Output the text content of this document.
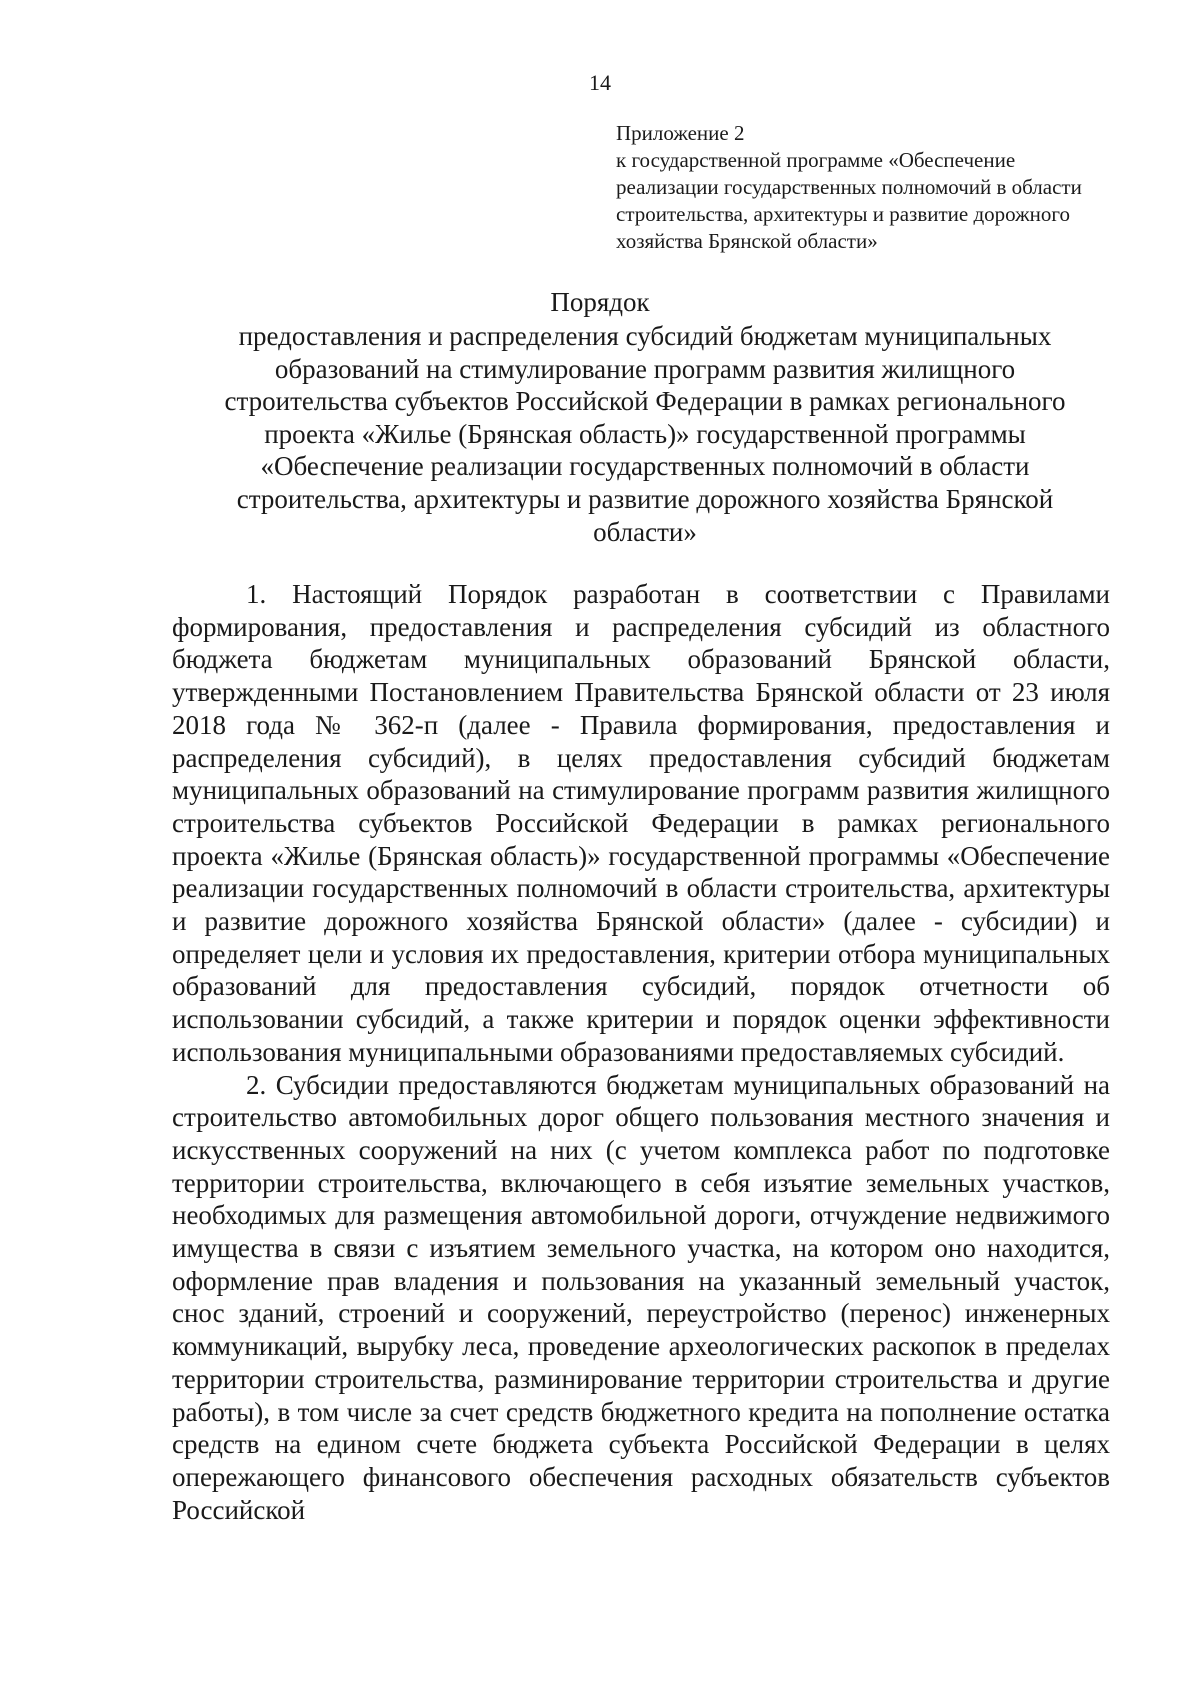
14
Приложение 2
к государственной программе «Обеспечение реализации государственных полномочий в области строительства, архитектуры и развитие дорожного хозяйства Брянской области»
Порядок
предоставления и распределения субсидий бюджетам муниципальных образований на стимулирование программ развития жилищного строительства субъектов Российской Федерации в рамках регионального проекта «Жилье (Брянская область)» государственной программы «Обеспечение реализации государственных полномочий в области строительства, архитектуры и развитие дорожного хозяйства Брянской области»

1. Настоящий Порядок разработан в соответствии с Правилами формирования, предоставления и распределения субсидий из областного бюджета бюджетам муниципальных образований Брянской области, утвержденными Постановлением Правительства Брянской области от 23 июля 2018 года № 362-п (далее - Правила формирования, предоставления и распределения субсидий), в целях предоставления субсидий бюджетам муниципальных образований на стимулирование программ развития жилищного строительства субъектов Российской Федерации в рамках регионального проекта «Жилье (Брянская область)» государственной программы «Обеспечение реализации государственных полномочий в области строительства, архитектуры и развитие дорожного хозяйства Брянской области» (далее - субсидии) и определяет цели и условия их предоставления, критерии отбора муниципальных образований для предоставления субсидий, порядок отчетности об использовании субсидий, а также критерии и порядок оценки эффективности использования муниципальными образованиями предоставляемых субсидий.

2. Субсидии предоставляются бюджетам муниципальных образований на строительство автомобильных дорог общего пользования местного значения и искусственных сооружений на них (с учетом комплекса работ по подготовке территории строительства, включающего в себя изъятие земельных участков, необходимых для размещения автомобильной дороги, отчуждение недвижимого имущества в связи с изъятием земельного участка, на котором оно находится, оформление прав владения и пользования на указанный земельный участок, снос зданий, строений и сооружений, переустройство (перенос) инженерных коммуникаций, вырубку леса, проведение археологических раскопок в пределах территории строительства, разминирование территории строительства и другие работы), в том числе за счет средств бюджетного кредита на пополнение остатка средств на едином счете бюджета субъекта Российской Федерации в целях опережающего финансового обеспечения расходных обязательств субъектов Российской
